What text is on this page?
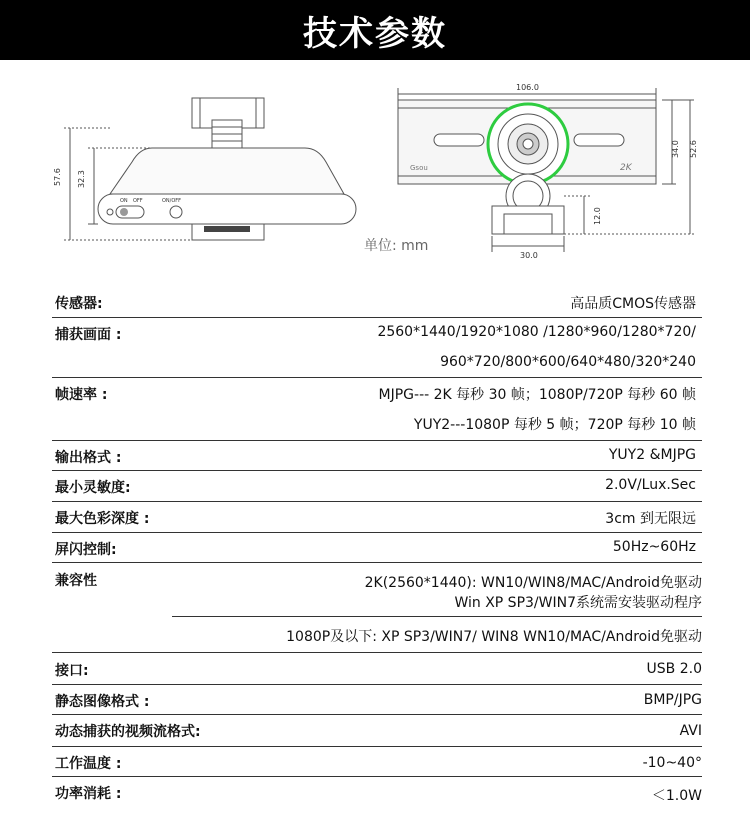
技术参数
57.6 32.3
ON OFF	ON/OFF
106.0
Gsou	2K
34.0 52.6
12.0
30.0
单位: mm
传感器:	高品质CMOS传感器
捕获画面 :	2560*1440/1920*1080 /1280*960/1280*720/
960*720/800*600/640*480/320*240
帧速率 :	MJPG--- 2K 每秒 30 帧；1080P/720P 每秒 60 帧
YUY2---1080P 每秒 5 帧；720P 每秒 10 帧
输出格式 :	YUY2 &MJPG
最小灵敏度:	2.0V/Lux.Sec
最大色彩深度 :	3cm 到无限远
屏闪控制:	50Hz~60Hz
兼容性	2K(2560*1440): WN10/WIN8/MAC/Android免驱动
Win XP SP3/WIN7系统需安装驱动程序
1080P及以下: XP SP3/WIN7/ WIN8 WN10/MAC/Android免驱动
接口:	USB 2.0
静态图像格式 :	BMP/JPG
动态捕获的视频流格式:	AVI
工作温度 :	-10~40°
功率消耗 :	＜1.0W
